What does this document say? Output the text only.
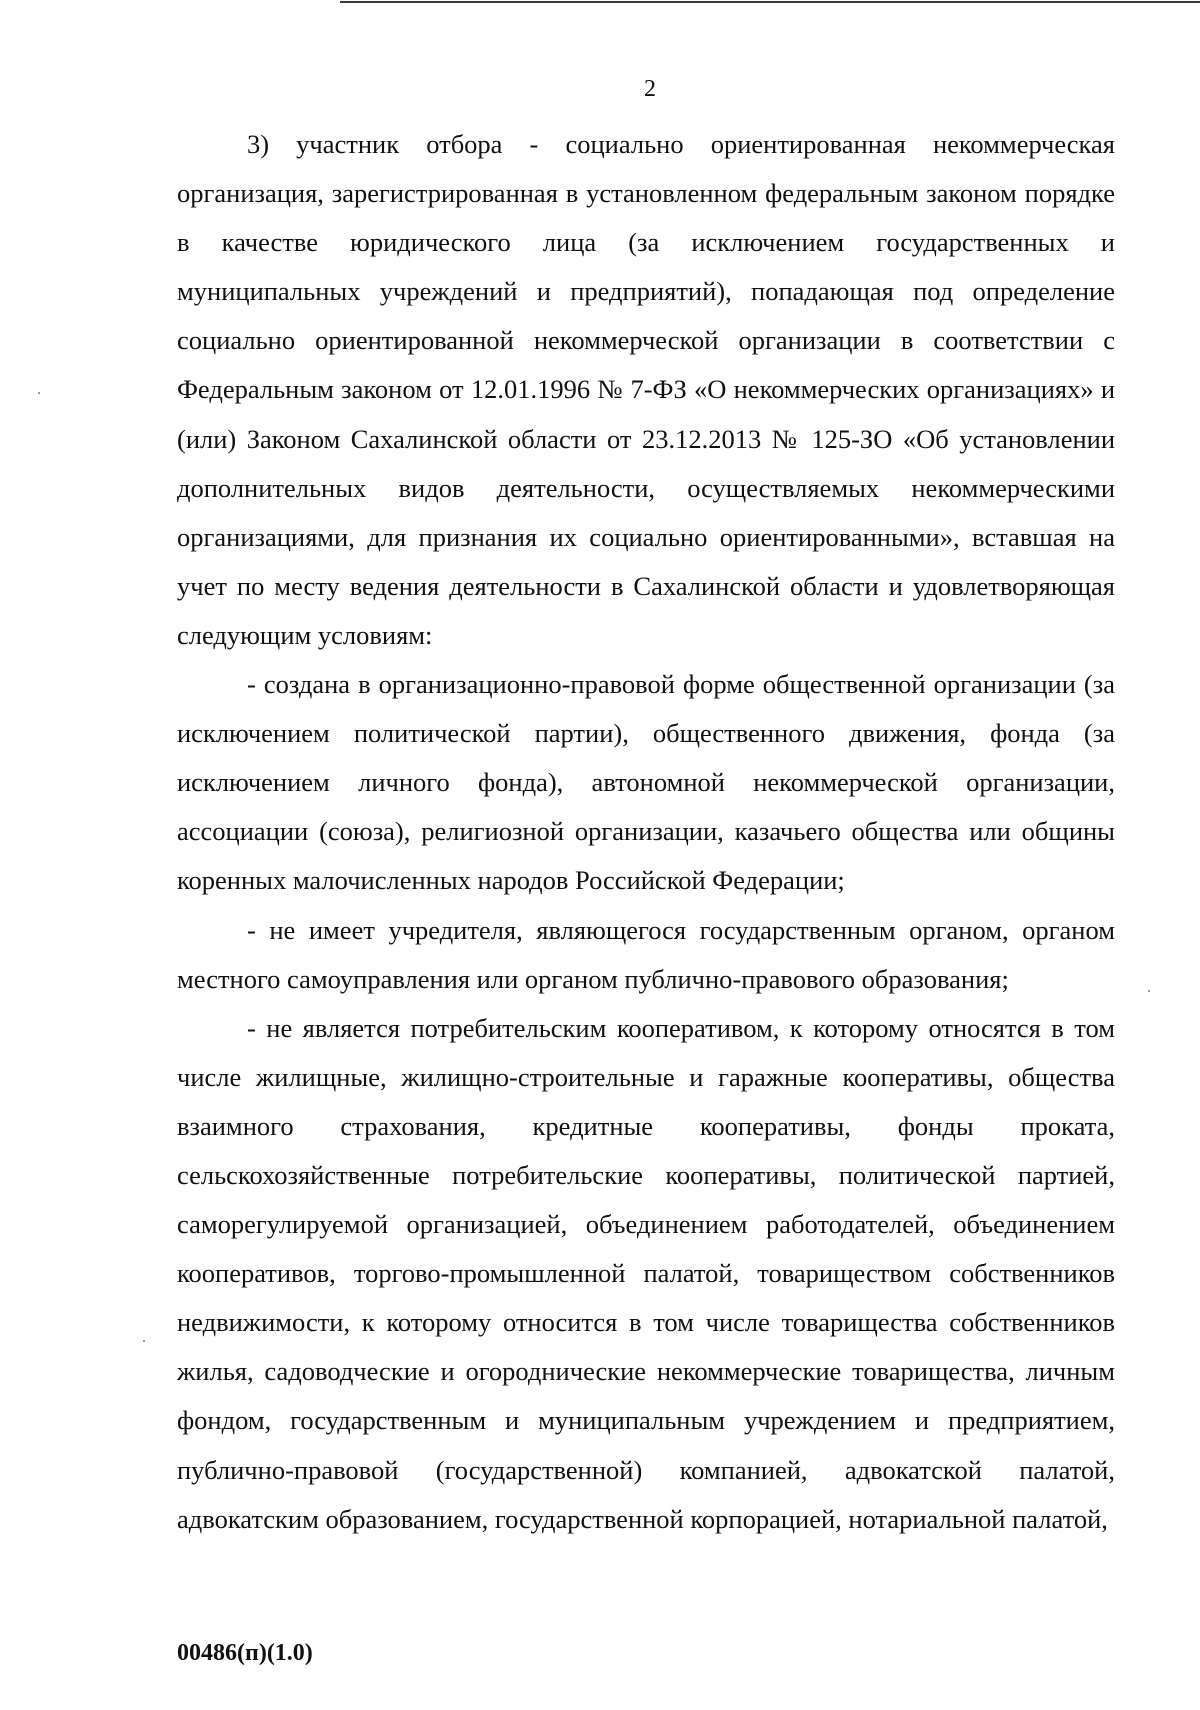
2

3) участник отбора - социально ориентированная некоммерческая организация, зарегистрированная в установленном федеральным законом порядке в качестве юридического лица (за исключением государственных и муниципальных учреждений и предприятий), попадающая под определение социально ориентированной некоммерческой организации в соответствии с Федеральным законом от 12.01.1996 № 7-ФЗ «О некоммерческих организациях» и (или) Законом Сахалинской области от 23.12.2013 № 125-ЗО «Об установлении дополнительных видов деятельности, осуществляемых некоммерческими организациями, для признания их социально ориентированными», вставшая на учет по месту ведения деятельности в Сахалинской области и удовлетворяющая следующим условиям:

- создана в организационно-правовой форме общественной организации (за исключением политической партии), общественного движения, фонда (за исключением личного фонда), автономной некоммерческой организации, ассоциации (союза), религиозной организации, казачьего общества или общины коренных малочисленных народов Российской Федерации;

- не имеет учредителя, являющегося государственным органом, органом местного самоуправления или органом публично-правового образования;

- не является потребительским кооперативом, к которому относятся в том числе жилищные, жилищно-строительные и гаражные кооперативы, общества взаимного страхования, кредитные кооперативы, фонды проката, сельскохозяйственные потребительские кооперативы, политической партией, саморегулируемой организацией, объединением работодателей, объединением кооперативов, торгово-промышленной палатой, товариществом собственников недвижимости, к которому относится в том числе товарищества собственников жилья, садоводческие и огороднические некоммерческие товарищества, личным фондом, государственным и муниципальным учреждением и предприятием, публично-правовой (государственной) компанией, адвокатской палатой, адвокатским образованием, государственной корпорацией, нотариальной палатой,

00486(п)(1.0)
